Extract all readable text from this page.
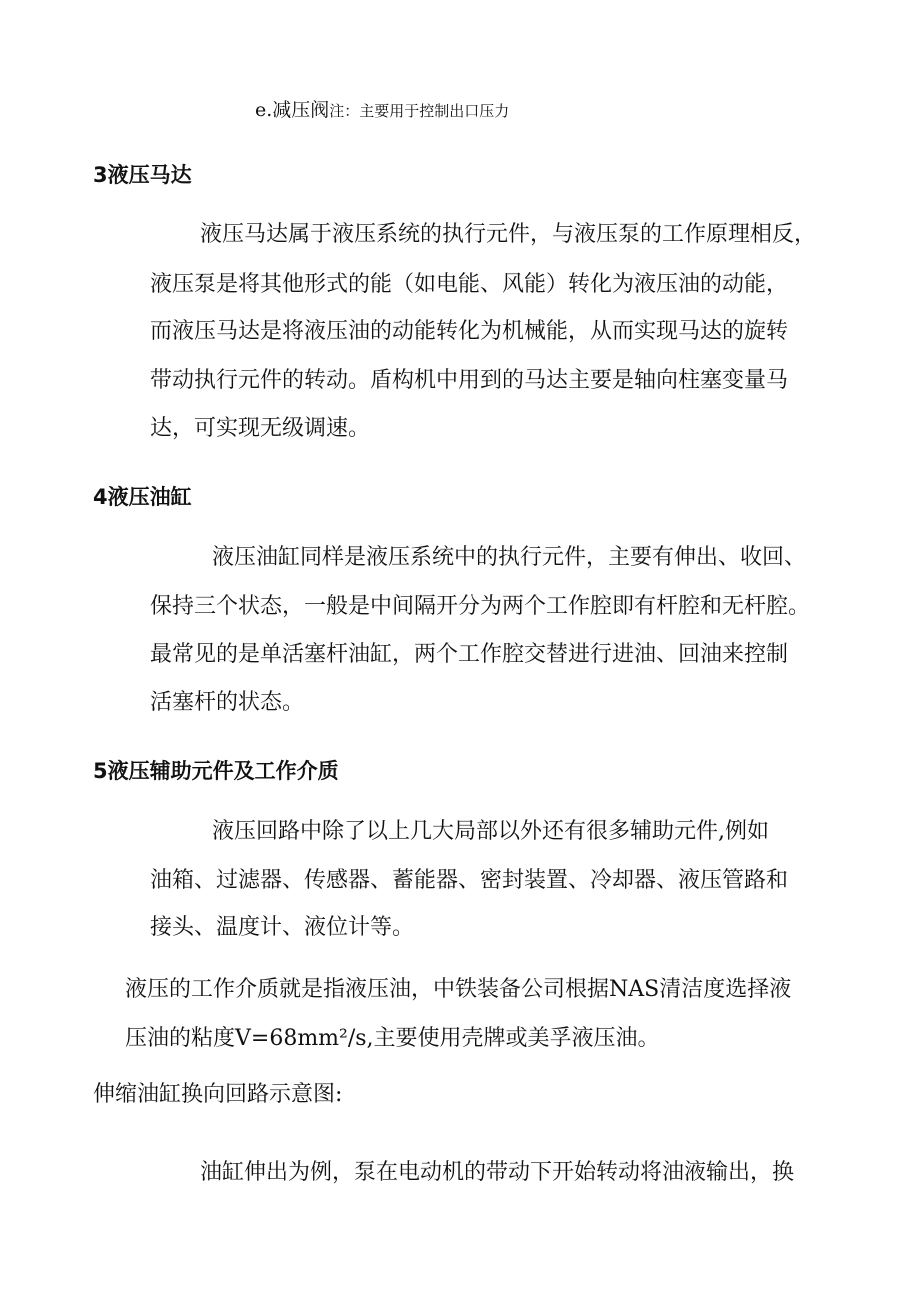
e.减压阀注：主要用于控制出口压力
3液压马达
液压马达属于液压系统的执行元件，与液压泵的工作原理相反，
液压泵是将其他形式的能（如电能、风能）转化为液压油的动能，
而液压马达是将液压油的动能转化为机械能，从而实现马达的旋转
带动执行元件的转动。盾构机中用到的马达主要是轴向柱塞变量马
达，可实现无级调速。
4液压油缸
液压油缸同样是液压系统中的执行元件，主要有伸出、收回、
保持三个状态，一般是中间隔开分为两个工作腔即有杆腔和无杆腔。
最常见的是单活塞杆油缸，两个工作腔交替进行进油、回油来控制
活塞杆的状态。
5液压辅助元件及工作介质
液压回路中除了以上几大局部以外还有很多辅助元件,例如
油箱、过滤器、传感器、蓄能器、密封装置、冷却器、液压管路和
接头、温度计、液位计等。
液压的工作介质就是指液压油，中铁装备公司根据NAS清洁度选择液
压油的粘度V=68mm²/s,主要使用壳牌或美孚液压油。
伸缩油缸换向回路示意图:
油缸伸出为例，泵在电动机的带动下开始转动将油液输出，换
